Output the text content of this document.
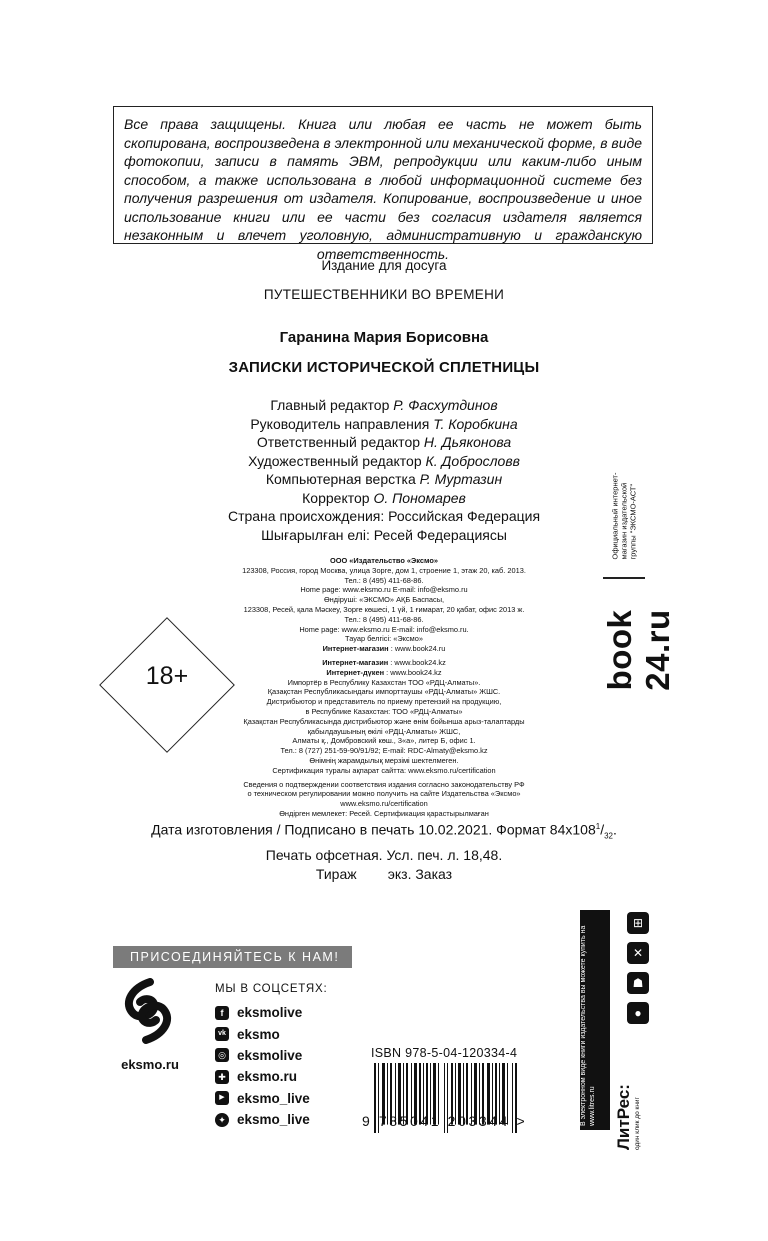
Все права защищены. Книга или любая ее часть не может быть скопирована, воспроизведена в электронной или механической форме, в виде фотокопии, записи в память ЭВМ, репродукции или каким-либо иным способом, а также использована в любой информационной системе без получения разрешения от издателя. Копирование, воспроизведение и иное использование книги или ее части без согласия издателя является незаконным и влечет уголовную, административную и гражданскую ответственность.
Издание для досуга
ПУТЕШЕСТВЕННИКИ ВО ВРЕМЕНИ
Гаранина Мария Борисовна
ЗАПИСКИ ИСТОРИЧЕСКОЙ СПЛЕТНИЦЫ
Главный редактор Р. Фасхутдинов
Руководитель направления Т. Коробкина
Ответственный редактор Н. Дьяконова
Художественный редактор К. Добрословв
Компьютерная верстка Р. Муртазин
Корректор О. Пономарев
Страна происхождения: Российская Федерация
Шығарылған елі: Ресей Федерациясы
ООО «Издательство «Эксмо»
123308, Россия, город Москва, улица Зорге, дом 1, строение 1, этаж 20, каб. 2013.
Тел.: 8 (495) 411-68-86.
Home page: www.eksmo.ru E-mail: info@eksmo.ru
Өндіруші: «ЭКСМО» АҚБ Баспасы,
123308, Ресей, қала Мәскеу, Зорге көшесі, 1 үй, 1 ғимарат, 20 қабат, офис 2013 ж.
Тел.: 8 (495) 411-68-86.
Home page: www.eksmo.ru E-mail: info@eksmo.ru.
Тауар белгісі: «Эксмо»
Интернет-магазин : www.book24.ru
Интернет-магазин : www.book24.kz
Интернет-дүкен : www.book24.kz
Импортёр в Республику Казахстан ТОО «РДЦ-Алматы».
Қазақстан Республикасындағы импорттаушы «РДЦ-Алматы» ЖШС.
Дистрибьютор и представитель по приему претензий на продукцию,
в Республике Казахстан: ТОО «РДЦ-Алматы»
Қазақстан Республикасында дистрибьютор және өнім бойынша арыз-талаптарды
қабылдаушының өкілі «РДЦ-Алматы» ЖШС,
Алматы қ., Домбровский көш., 3«а», литер Б, офис 1.
Тел.: 8 (727) 251-59-90/91/92; E-mail: RDC-Almaty@eksmo.kz
Өнімнің жарамдылық мерзімі шектелмеген.
Сертификация туралы ақпарат сайтта: www.eksmo.ru/certification
Сведения о подтверждении соответствия издания согласно законодательству РФ
о техническом регулировании можно получить на сайте Издательства «Эксмо»
www.eksmo.ru/certification
Өндірген мемлекет: Ресей. Сертификация қарастырылмаған
18+
Дата изготовления / Подписано в печать 10.02.2021. Формат $84x108^1/_{32}$.
Печать офсетная. Усл. печ. л. 18,48.
Тираж        экз. Заказ
Официальный интернет-магазин издательской группы "ЭКСМО-АСТ"
book 24.ru
ПРИСОЕДИНЯЙТЕСЬ К НАМ!
eksmo.ru
МЫ В СОЦСЕТЯХ:
f	eksmolive
vk eksmo
◎ eksmolive
✚ eksmo.ru
▶ eksmo_live
✦ eksmo_live
ISBN 978-5-04-120334-4
9 785041 203344 >	В электронном виде книги издательства вы можете купить на www.litres.ru	ЛитРес: один клик до книг
⊞
✕
☗
●
